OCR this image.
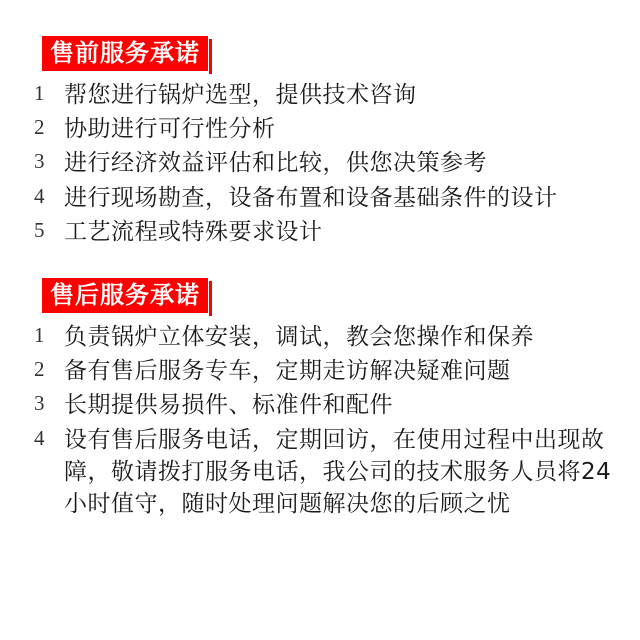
售前服务承诺
1 帮您进行锅炉选型，提供技术咨询
2 协助进行可行性分析
3 进行经济效益评估和比较，供您决策参考
4 进行现场勘查，设备布置和设备基础条件的设计
5 工艺流程或特殊要求设计
售后服务承诺
1 负责锅炉立体安装，调试，教会您操作和保养
2 备有售后服务专车，定期走访解决疑难问题
3 长期提供易损件、标准件和配件
4 设有售后服务电话，定期回访，在使用过程中出现故障，敬请拨打服务电话，我公司的技术服务人员将24小时值守，随时处理问题解决您的后顾之忧
